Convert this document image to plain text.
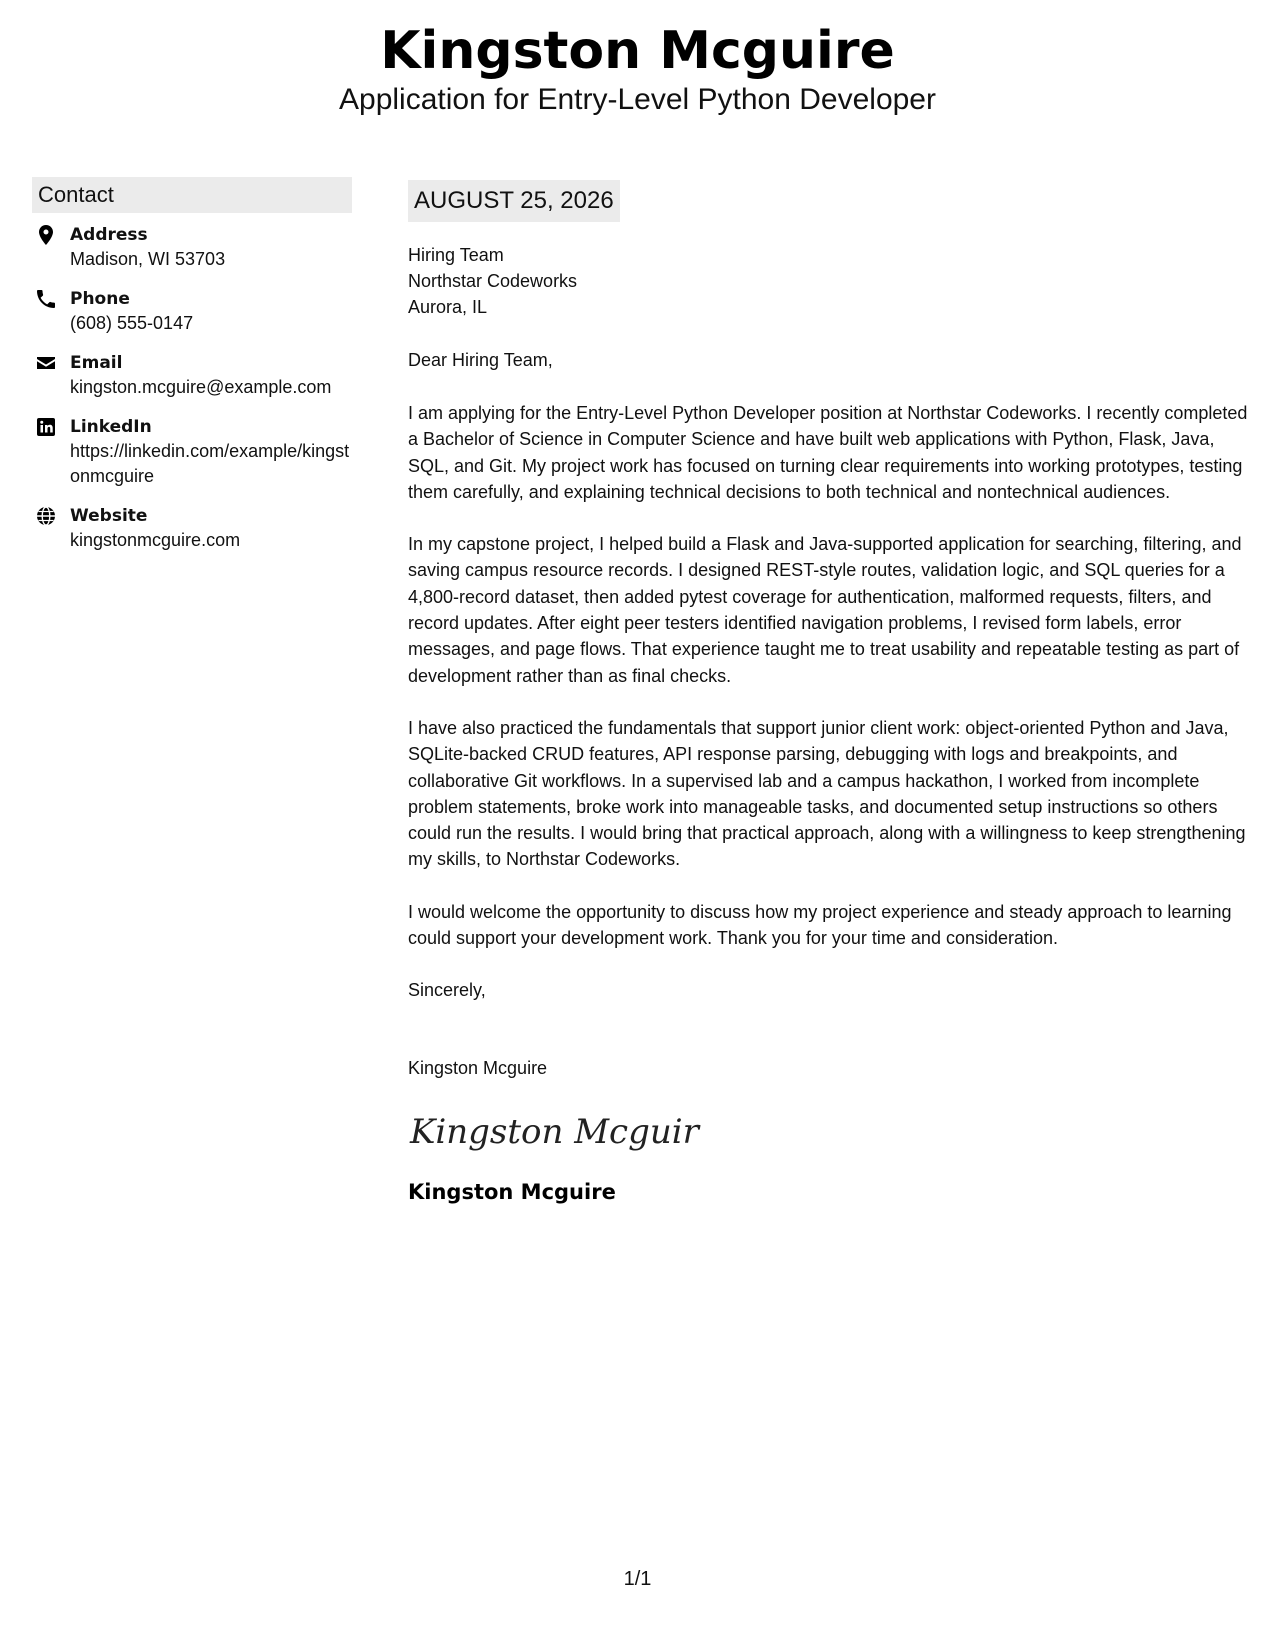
Kingston Mcguire
Application for Entry-Level Python Developer
Contact
Address
Madison, WI 53703
Phone
(608) 555-0147
Email
kingston.mcguire@example.com
LinkedIn
https://linkedin.com/example/kingstonmcguire
Website
kingstonmcguire.com
AUGUST 25, 2026
Hiring Team
Northstar Codeworks
Aurora, IL
Dear Hiring Team,

I am applying for the Entry-Level Python Developer position at Northstar Codeworks. I recently completed a Bachelor of Science in Computer Science and have built web applications with Python, Flask, Java, SQL, and Git. My project work has focused on turning clear requirements into working prototypes, testing them carefully, and explaining technical decisions to both technical and nontechnical audiences.

In my capstone project, I helped build a Flask and Java-supported application for searching, filtering, and saving campus resource records. I designed REST-style routes, validation logic, and SQL queries for a 4,800-record dataset, then added pytest coverage for authentication, malformed requests, filters, and record updates. After eight peer testers identified navigation problems, I revised form labels, error messages, and page flows. That experience taught me to treat usability and repeatable testing as part of development rather than as final checks.

I have also practiced the fundamentals that support junior client work: object-oriented Python and Java, SQLite-backed CRUD features, API response parsing, debugging with logs and breakpoints, and collaborative Git workflows. In a supervised lab and a campus hackathon, I worked from incomplete problem statements, broke work into manageable tasks, and documented setup instructions so others could run the results. I would bring that practical approach, along with a willingness to keep strengthening my skills, to Northstar Codeworks.

I would welcome the opportunity to discuss how my project experience and steady approach to learning could support your development work. Thank you for your time and consideration.

Sincerely,
Kingston Mcguire
Kingston Mcguir
Kingston Mcguire
1/1
